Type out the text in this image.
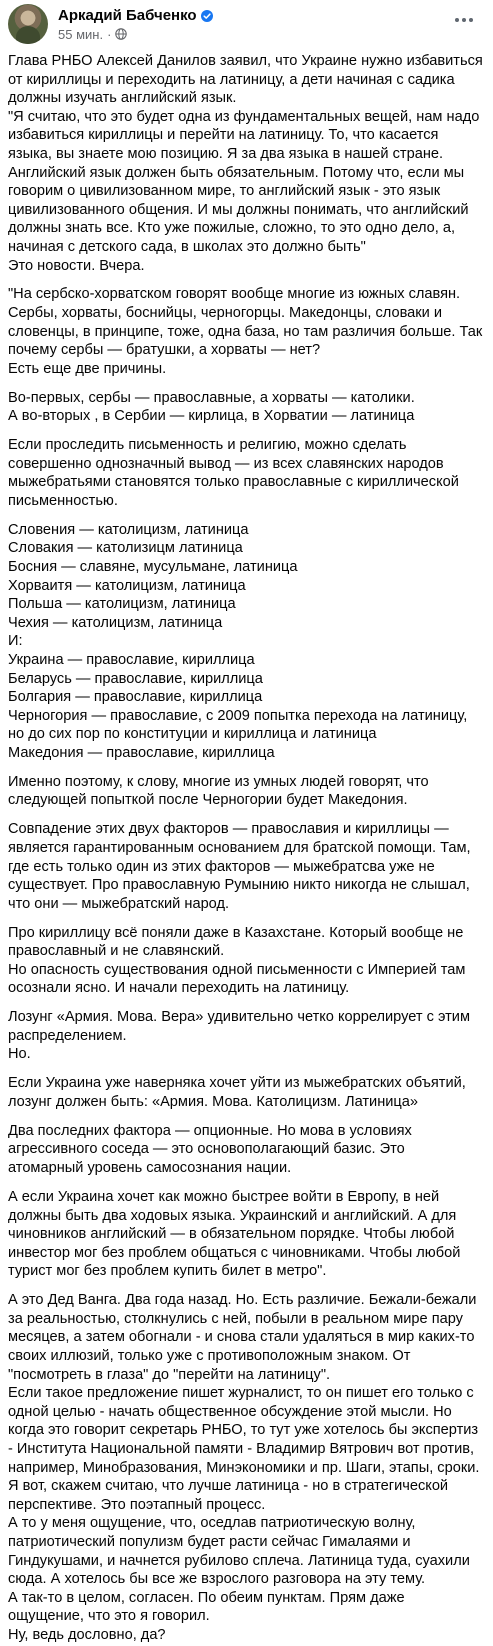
Аркадий Бабченко
55 мин. ·

Глава РНБО Алексей Данилов заявил, что Украине нужно избавиться от кириллицы и переходить на латиницу, а дети начиная с садика должны изучать английский язык.
"Я считаю, что это будет одна из фундаментальных вещей, нам надо избавиться кириллицы и перейти на латиницу. То, что касается языка, вы знаете мою позицию. Я за два языка в нашей стране. Английский язык должен быть обязательным. Потому что, если мы говорим о цивилизованном мире, то английский язык - это язык цивилизованного общения. И мы должны понимать, что английский должны знать все. Кто уже пожилые, сложно, то это одно дело, а, начиная с детского сада, в школах это должно быть"
Это новости. Вчера.

"На сербско-хорватском говорят вообще многие из южных славян. Сербы, хорваты, боснийцы, черногорцы. Македонцы, словаки и словенцы, в принципе, тоже, одна база, но там различия больше. Так почему сербы — братушки, а хорваты — нет?
Есть еще две причины.

Во-первых, сербы — православные, а хорваты — католики.
А во-вторых , в Сербии — кирлица, в Хорватии — латиница

Если проследить письменность и религию, можно сделать совершенно однозначный вывод — из всех славянских народов мыжебратьями становятся только православные с кириллической письменностью.

Словения — католицизм, латиница
Словакия — католизицм латиница
Босния — славяне, мусульмане, латиница
Хорваитя — католицизм, латиница
Польша — католицизм, латиница
Чехия — католицизм, латиница
И:
Украина — православие, кириллица
Беларусь — православие, кириллица
Болгария — православие, кириллица
Черногория — православие, с 2009 попытка перехода на латиницу, но до сих пор по конституции и кириллица и латиница
Македония — православие, кириллица

Именно поэтому, к слову, многие из умных людей говорят, что следующей попыткой после Черногории будет Македония.

Совпадение этих двух факторов — православия и кириллицы — является гарантированным основанием для братской помощи. Там, где есть только один из этих факторов — мыжебратсва уже не существует. Про православную Румынию никто никогда не слышал, что они — мыжебратский народ.

Про кириллицу всё поняли даже в Казахстане. Который вообще не православный и не славянский.
Но опасность существования одной письменности с Империей там осознали ясно. И начали переходить на латиницу.

Лозунг «Армия. Мова. Вера» удивительно четко коррелирует с этим распределением.
Но.

Если Украина уже наверняка хочет уйти из мыжебратских объятий, лозунг должен быть: «Армия. Мова. Католицизм. Латиница»

Два последних фактора — опционные. Но мова в условиях агрессивного соседа — это основополагающий базис. Это атомарный уровень самосознания нации.

А если Украина хочет как можно быстрее войти в Европу, в ней должны быть два ходовых языка. Украинский и английский. А для чиновников английский — в обязательном порядке. Чтобы любой инвестор мог без проблем общаться с чиновниками. Чтобы любой турист мог без проблем купить билет в метро".

А это Дед Ванга. Два года назад. Но. Есть различие. Бежали-бежали за реальностью, столкнулись с ней, побыли в реальном мире пару месяцев, а затем обогнали - и снова стали удаляться в мир каких-то своих иллюзий, только уже с противоположным знаком. От "посмотреть в глаза" до "перейти на латиницу".
Если такое предложение пишет журналист, то он пишет его только с одной целью - начать общественное обсуждение этой мысли. Но когда это говорит секретарь РНБО, то тут уже хотелось бы экспертиз - Института Национальной памяти - Владимир Вятрович вот против, например, Минобразования, Минэкономики и пр. Шаги, этапы, сроки. Я вот, скажем считаю, что лучше латиница - но в стратегической перспективе. Это поэтапный процесс.
А то у меня ощущение, что, оседлав патриотическую волну, патриотический популизм будет расти сейчас Гималаями и Гиндукушами, и начнется рубилово сплеча. Латиница туда, суахили сюда. А хотелось бы все же взрослого разговора на эту тему.
А так-то в целом, согласен. По обеим пунктам. Прям даже ощущение, что это я говорил.
Ну, ведь дословно, да?
